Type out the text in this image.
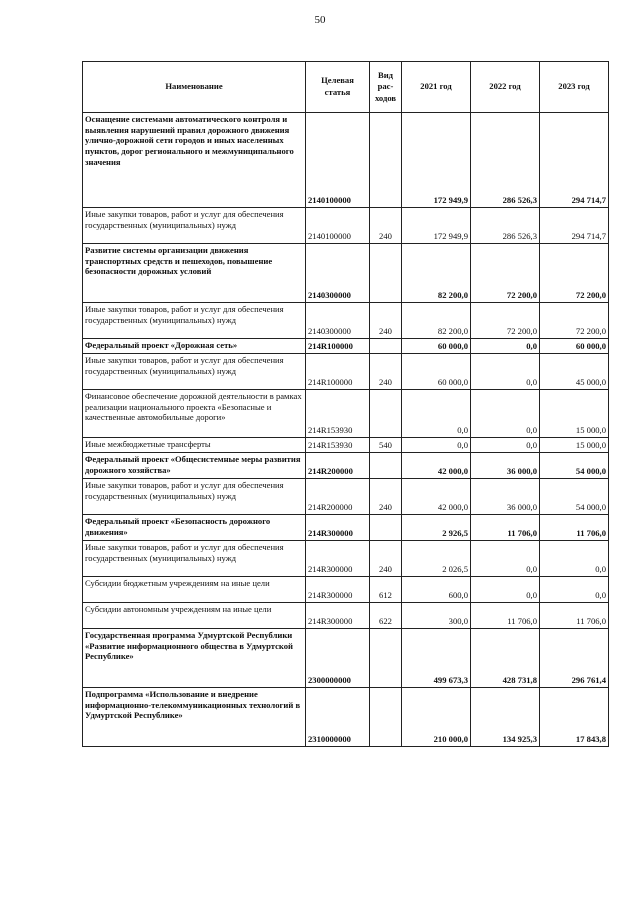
50
Наименование	Целевая статья	Вид рас-ходов	2021 год	2022 год	2023 год
Оснащение системами автоматического контроля и выявления нарушений правил дорожного движения улично-дорожной сети городов и иных населенных пунктов, дорог регионального и межмуниципального значения	2140100000		172 949,9	286 526,3	294 714,7
Иные закупки товаров, работ и услуг для обеспечения государственных (муниципальных) нужд	2140100000	240	172 949,9	286 526,3	294 714,7
Развитие системы организации движения транспортных средств и пешеходов, повышение безопасности дорожных условий	2140300000		82 200,0	72 200,0	72 200,0
Иные закупки товаров, работ и услуг для обеспечения государственных (муниципальных) нужд	2140300000	240	82 200,0	72 200,0	72 200,0
Федеральный проект «Дорожная сеть»	214R100000		60 000,0	0,0	60 000,0
Иные закупки товаров, работ и услуг для обеспечения государственных (муниципальных) нужд	214R100000	240	60 000,0	0,0	45 000,0
Финансовое обеспечение дорожной деятельности в рамках реализации национального проекта «Безопасные и качественные автомобильные дороги»	214R153930		0,0	0,0	15 000,0
Иные межбюджетные трансферты	214R153930	540	0,0	0,0	15 000,0
Федеральный проект «Общесистемные меры развития дорожного хозяйства»	214R200000		42 000,0	36 000,0	54 000,0
Иные закупки товаров, работ и услуг для обеспечения государственных (муниципальных) нужд	214R200000	240	42 000,0	36 000,0	54 000,0
Федеральный проект «Безопасность дорожного движения»	214R300000		2 926,5	11 706,0	11 706,0
Иные закупки товаров, работ и услуг для обеспечения государственных (муниципальных) нужд	214R300000	240	2 026,5	0,0	0,0
Субсидии бюджетным учреждениям на иные цели	214R300000	612	600,0	0,0	0,0
Субсидии автономным учреждениям на иные цели	214R300000	622	300,0	11 706,0	11 706,0
Государственная программа Удмуртской Республики «Развитие информационного общества в Удмуртской Республике»	2300000000		499 673,3	428 731,8	296 761,4
Подпрограмма «Использование и внедрение информационно-телекоммуникационных технологий в Удмуртской Республике»	2310000000		210 000,0	134 925,3	17 843,8
